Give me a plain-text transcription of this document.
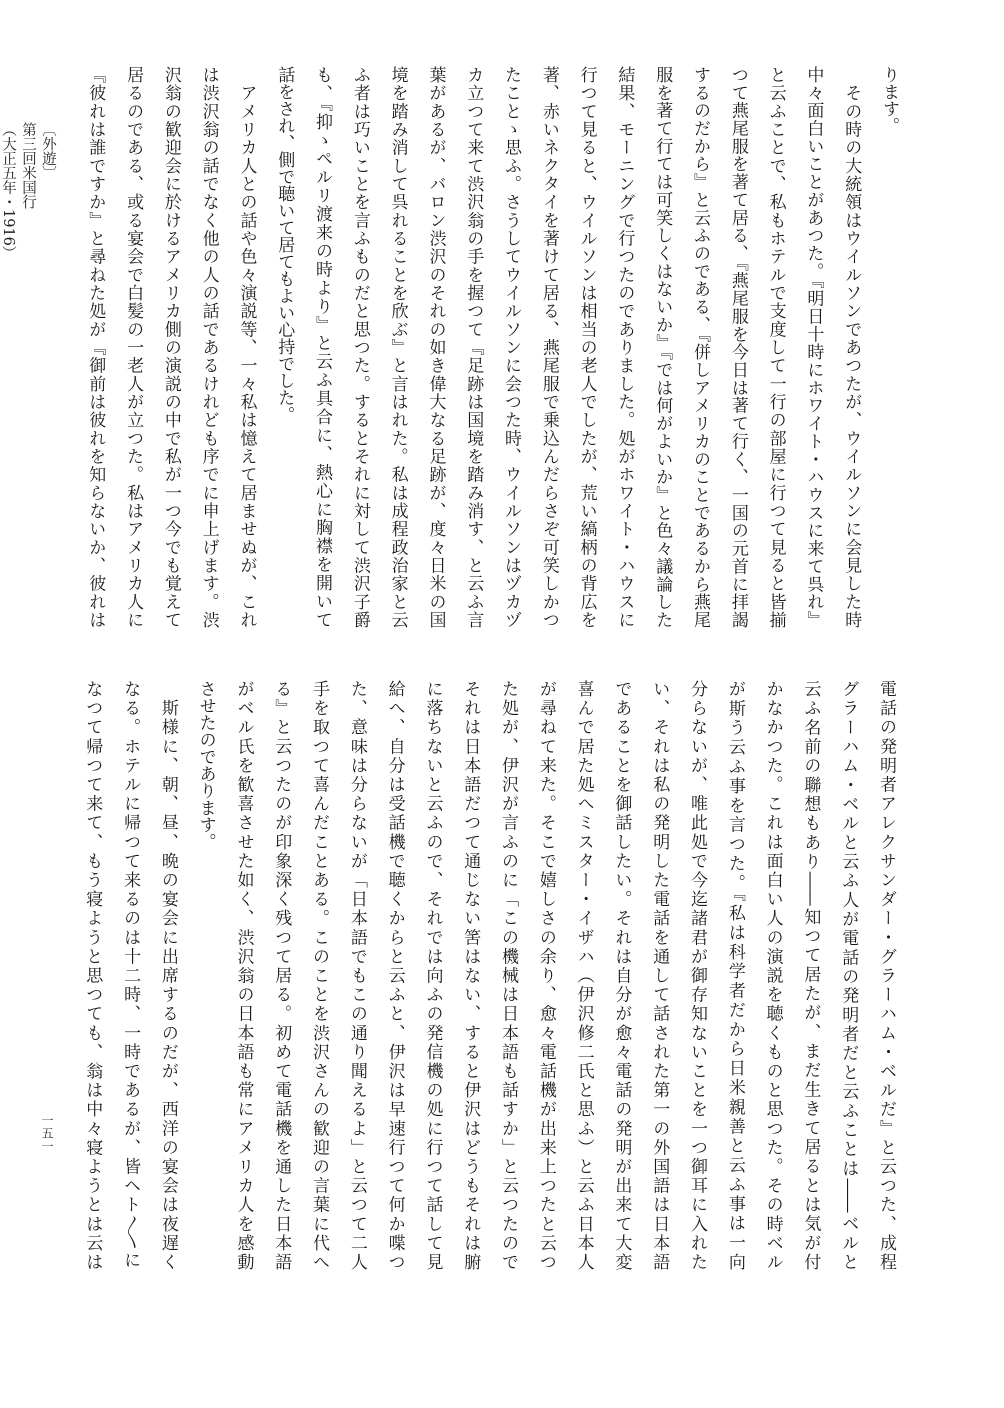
〔外遊〕
第三回米国行
（大正五年・1916）
ります。
　その時の大統領はウイルソンであつたが、ウイルソンに会見した時
中々面白いことがあつた。『明日十時にホワイト・ハウスに来て呉れ』
と云ふことで、私もホテルで支度して一行の部屋に行つて見ると皆揃
つて燕尾服を著て居る、『燕尾服を今日は著て行く、一国の元首に拝謁
するのだから』と云ふのである、『併しアメリカのことであるから燕尾
服を著て行ては可笑しくはないか』『では何がよいか』と色々議論した
結果、モーニングで行つたのでありました。処がホワイト・ハウスに
行つて見ると、ウイルソンは相当の老人でしたが、荒い縞柄の背広を
著、赤いネクタイを著けて居る、燕尾服で乗込んだらさぞ可笑しかつ
たことゝ思ふ。さうしてウイルソンに会つた時、ウイルソンはヅカヅ
カ立つて来て渋沢翁の手を握つて『足跡は国境を踏み消す、と云ふ言
葉があるが、バロン渋沢のそれの如き偉大なる足跡が、度々日米の国
境を踏み消して呉れることを欣ぶ』と言はれた。私は成程政治家と云
ふ者は巧いことを言ふものだと思つた。するとそれに対して渋沢子爵
も、『抑ゝペルリ渡来の時より』と云ふ具合に、熱心に胸襟を開いて
話をされ、側で聴いて居てもよい心持でした。
　アメリカ人との話や色々演説等、一々私は憶えて居ませぬが、これ
は渋沢翁の話でなく他の人の話であるけれども序でに申上げます。渋
沢翁の歓迎会に於けるアメリカ側の演説の中で私が一つ今でも覚えて
居るのである、或る宴会で白髪の一老人が立つた。私はアメリカ人に
『彼れは誰ですか』と尋ねた処が『御前は彼れを知らないか、彼れは
電話の発明者アレクサンダー・グラーハム・ベルだ』と云つた、成程
グラーハム・ベルと云ふ人が電話の発明者だと云ふことは――ベルと
云ふ名前の聯想もあり――知つて居たが、まだ生きて居るとは気が付
かなかつた。これは面白い人の演説を聴くものと思つた。その時ベル
が斯う云ふ事を言つた。『私は科学者だから日米親善と云ふ事は一向
分らないが、唯此処で今迄諸君が御存知ないことを一つ御耳に入れた
い、それは私の発明した電話を通して話された第一の外国語は日本語
であることを御話したい。それは自分が愈々電話の発明が出来て大変
喜んで居た処へミスター・イザハ（伊沢修二氏と思ふ）と云ふ日本人
が尋ねて来た。そこで嬉しさの余り、愈々電話機が出来上つたと云つ
た処が、伊沢が言ふのに「この機械は日本語も話すか」と云つたので
それは日本語だつて通じない筈はない、すると伊沢はどうもそれは腑
に落ちないと云ふので、それでは向ふの発信機の処に行つて話して見
給へ、自分は受話機で聴くからと云ふと、伊沢は早速行つて何か喋つ
た、意味は分らないが「日本語でもこの通り聞えるよ」と云つて二人
手を取つて喜んだことある。このことを渋沢さんの歓迎の言葉に代へ
る』と云つたのが印象深く残つて居る。初めて電話機を通した日本語
がベル氏を歓喜させた如く、渋沢翁の日本語も常にアメリカ人を感動
させたのであります。
　斯様に、朝、昼、晩の宴会に出席するのだが、西洋の宴会は夜遅く
なる。ホテルに帰つて来るのは十二時、一時であるが、皆ヘト〳〵に
なつて帰つて来て、もう寝ようと思つても、翁は中々寝ようとは云は
一五一
